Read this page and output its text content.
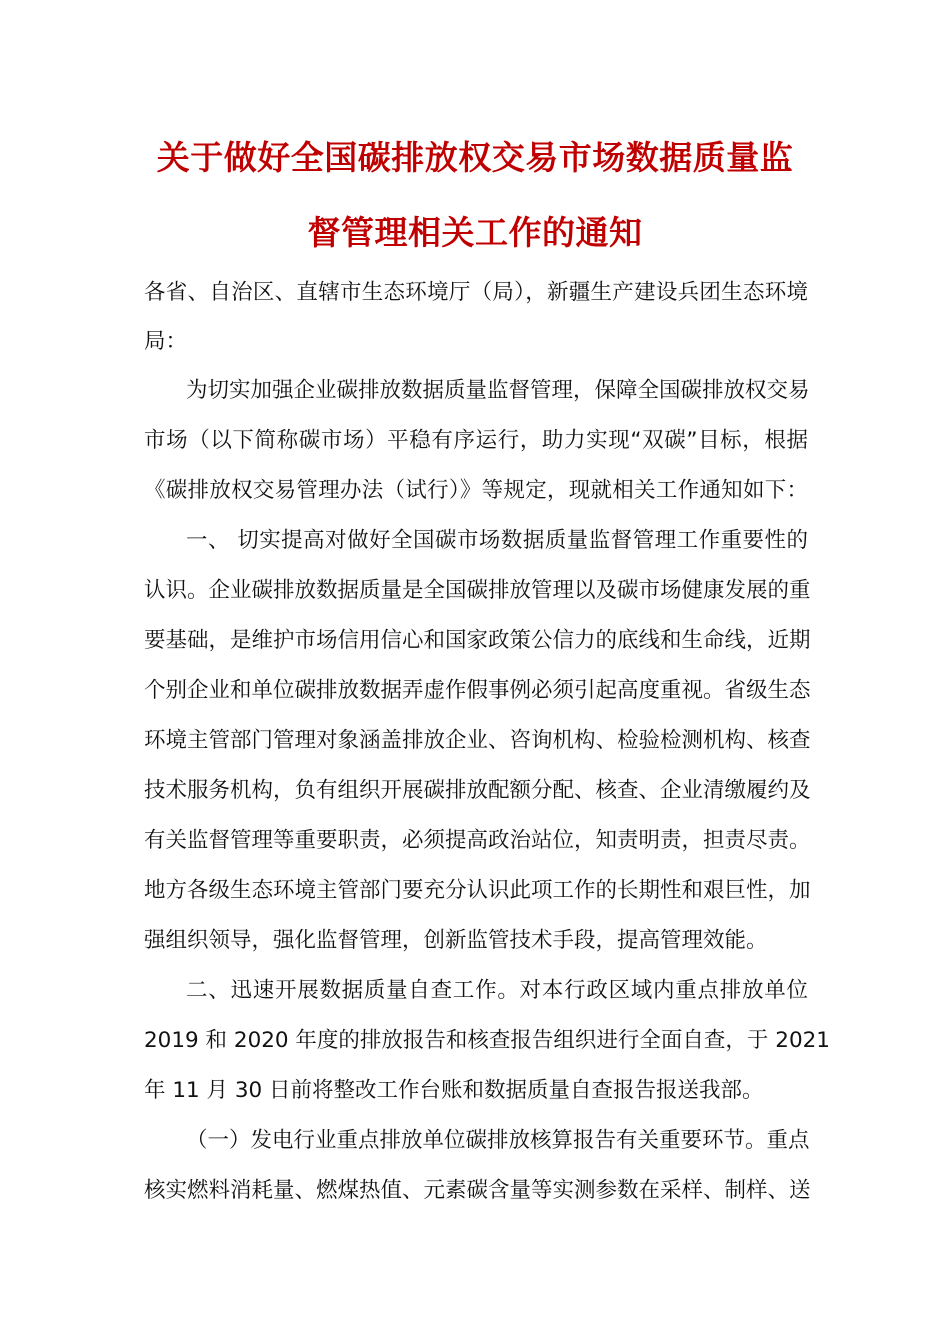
关于做好全国碳排放权交易市场数据质量监
督管理相关工作的通知
各省、自治区、直辖市生态环境厅（局），新疆生产建设兵团生态环境
局：
为切实加强企业碳排放数据质量监督管理，保障全国碳排放权交易
市场（以下简称碳市场）平稳有序运行，助力实现“双碳”目标，根据
《碳排放权交易管理办法（试行）》等规定，现就相关工作通知如下：
一、 切实提高对做好全国碳市场数据质量监督管理工作重要性的
认识。企业碳排放数据质量是全国碳排放管理以及碳市场健康发展的重
要基础，是维护市场信用信心和国家政策公信力的底线和生命线，近期
个别企业和单位碳排放数据弄虚作假事例必须引起高度重视。省级生态
环境主管部门管理对象涵盖排放企业、咨询机构、检验检测机构、核查
技术服务机构，负有组织开展碳排放配额分配、核查、企业清缴履约及
有关监督管理等重要职责，必须提高政治站位，知责明责，担责尽责。
地方各级生态环境主管部门要充分认识此项工作的长期性和艰巨性，加
强组织领导，强化监督管理，创新监管技术手段，提高管理效能。
二、迅速开展数据质量自查工作。对本行政区域内重点排放单位
2019 和 2020 年度的排放报告和核查报告组织进行全面自查，于 2021
年 11 月 30 日前将整改工作台账和数据质量自查报告报送我部。
（一）发电行业重点排放单位碳排放核算报告有关重要环节。重点
核实燃料消耗量、燃煤热值、元素碳含量等实测参数在采样、制样、送
